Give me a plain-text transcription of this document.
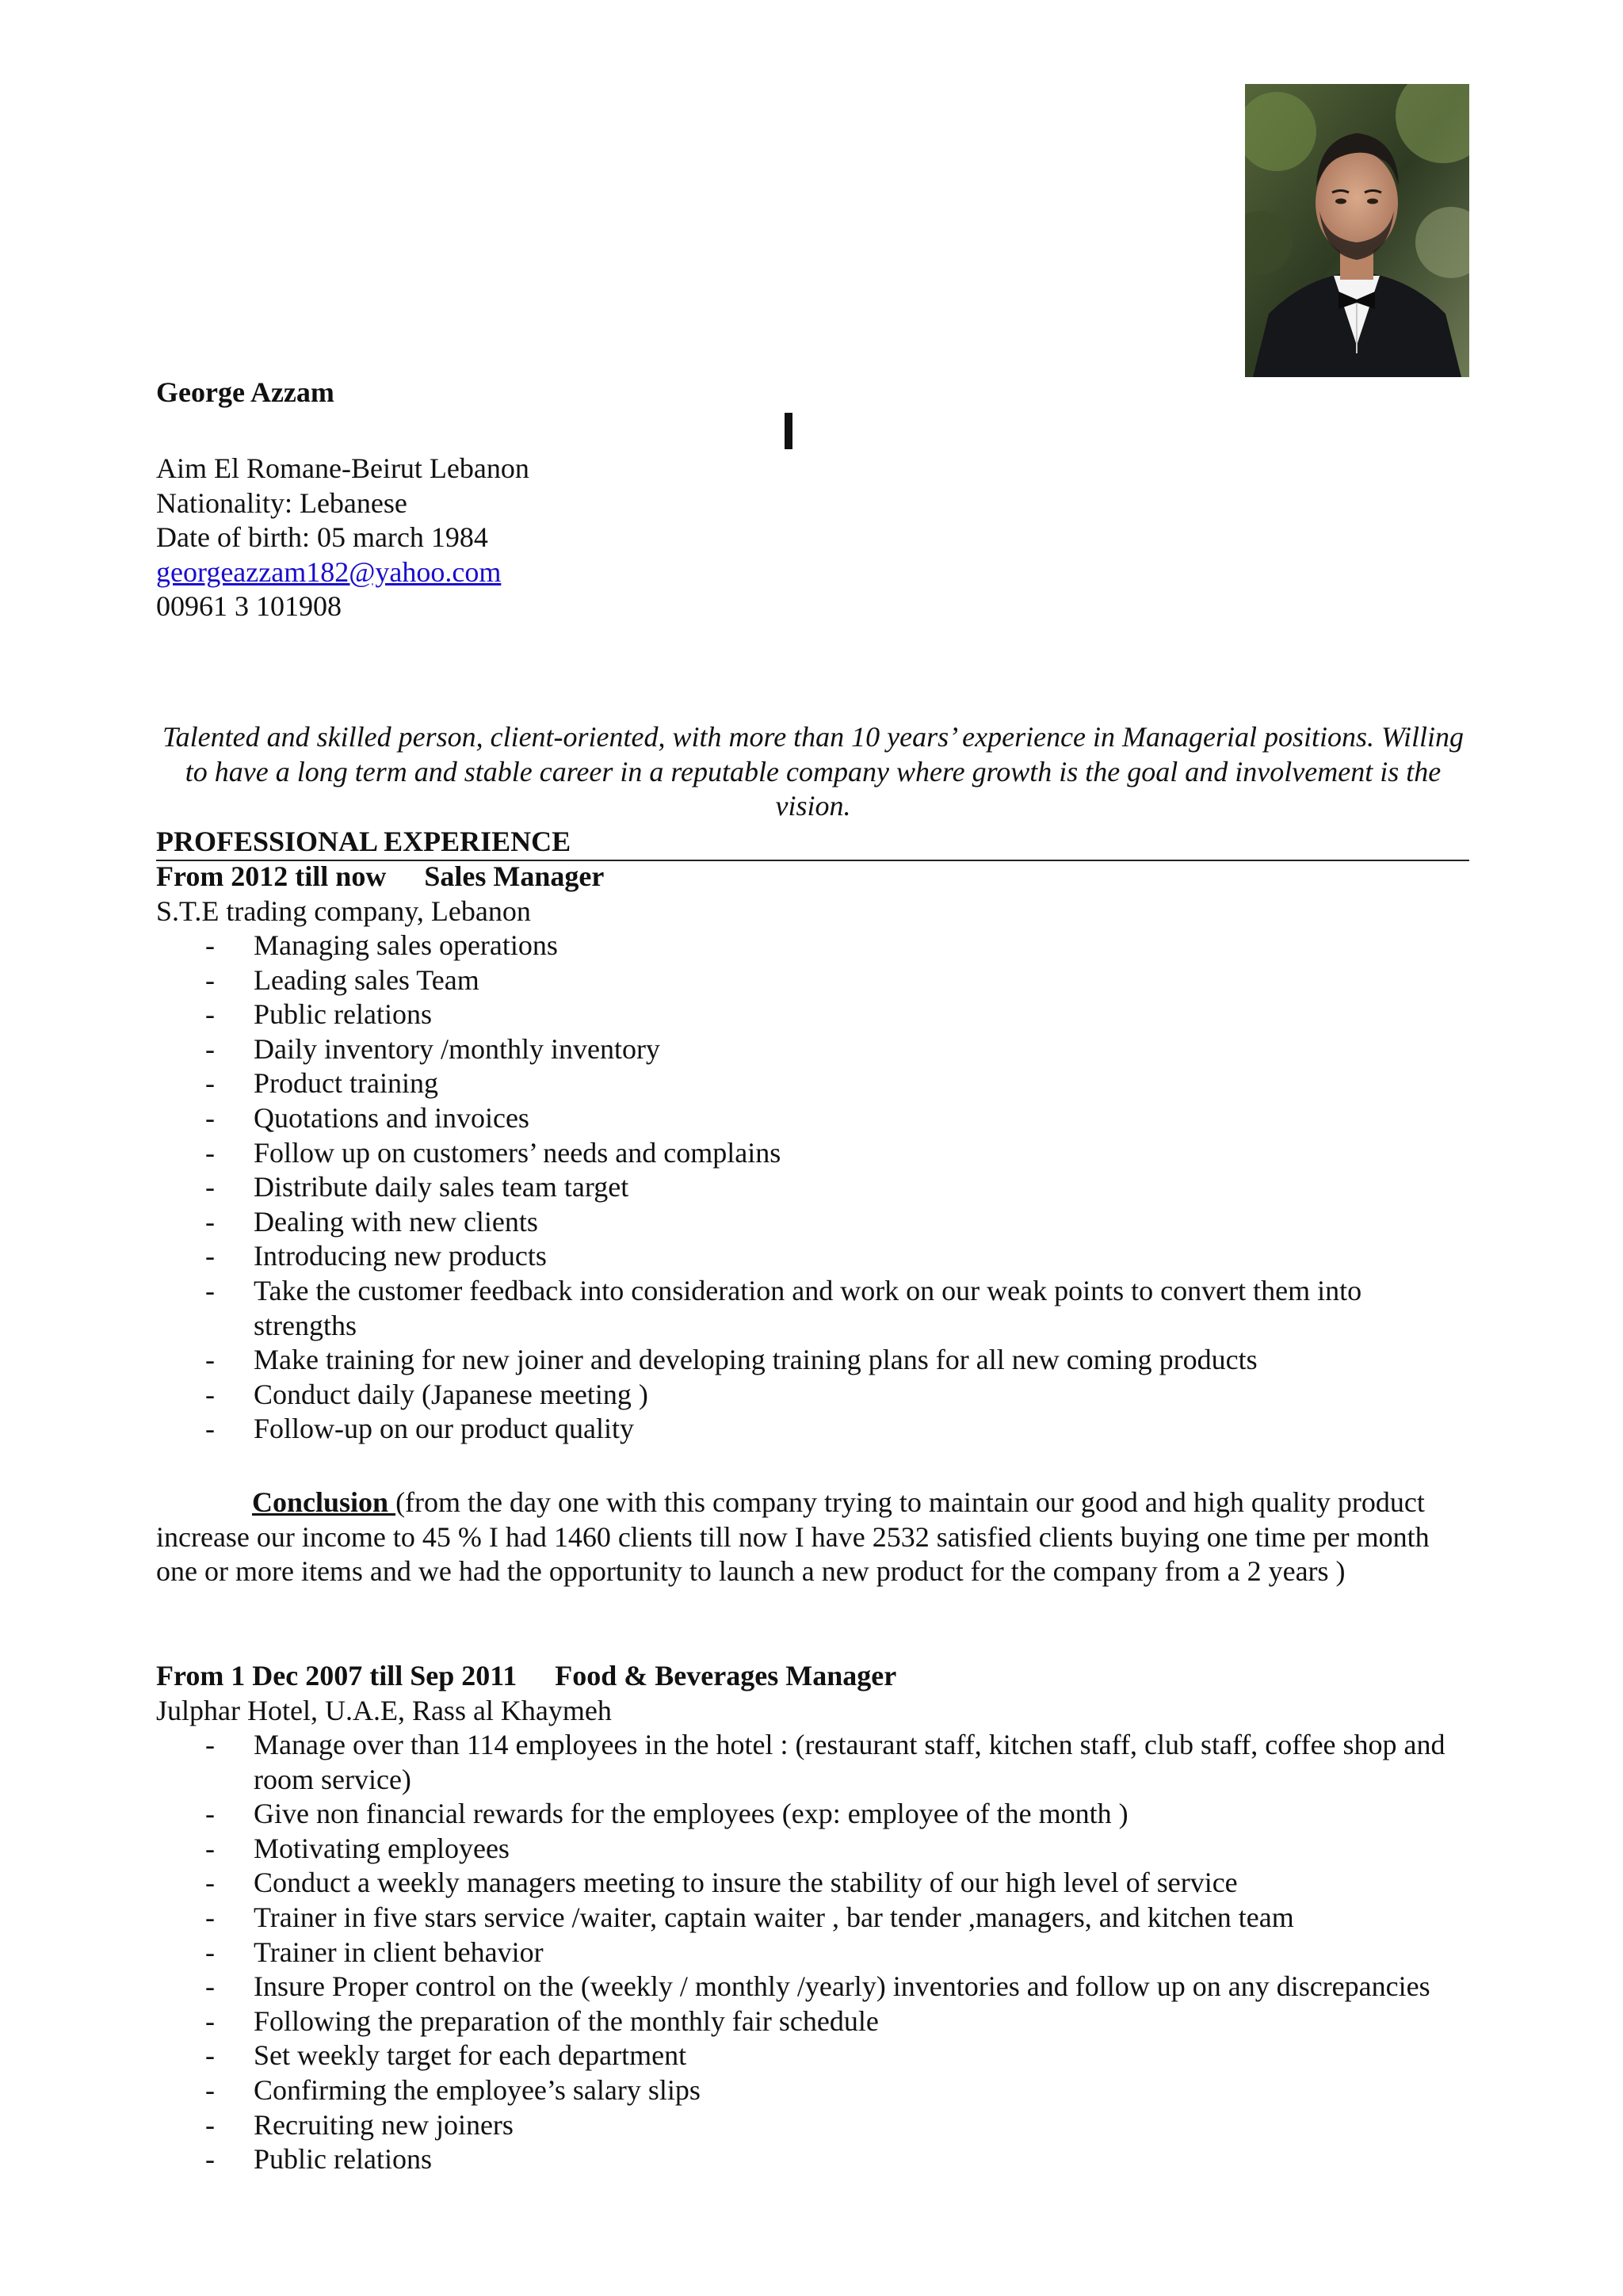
George Azzam
Aim El Romane-Beirut Lebanon
Nationality: Lebanese
Date of birth: 05 march 1984
georgeazzam182@yahoo.com
00961 3 101908
Talented and skilled person, client-oriented, with more than 10 years’ experience in Managerial positions. Willing to have a long term and stable career in a reputable company where growth is the goal and involvement is the vision.
PROFESSIONAL EXPERIENCE
From 2012 till now Sales Manager
S.T.E trading company, Lebanon
-	Managing sales operations
-	Leading sales Team
-	Public relations
-	Daily inventory /monthly inventory
-	Product training
-	Quotations and invoices
-	Follow up on customers’ needs and complains
-	Distribute daily sales team target
-	Dealing with new clients
-	Introducing new products
-	Take the customer feedback into consideration and work on our weak points to convert them into strengths
-	Make training for new joiner and developing training plans for all new coming products
-	Conduct daily (Japanese meeting )
-	Follow-up on our product quality
Conclusion (from the day one with this company trying to maintain our good and high quality product increase our income to 45 % I had 1460 clients till now I have 2532 satisfied clients buying one time per month one or more items and we had the opportunity to launch a new product for the company from a 2 years )
From 1 Dec 2007 till Sep 2011 Food & Beverages Manager
Julphar Hotel, U.A.E, Rass al Khaymeh
-	Manage over than 114 employees in the hotel : (restaurant staff, kitchen staff, club staff, coffee shop and room service)
-	Give non financial rewards for the employees (exp: employee of the month )
-	Motivating employees
-	Conduct a weekly managers meeting to insure the stability of our high level of service
-	Trainer in five stars service /waiter, captain waiter , bar tender ,managers, and kitchen team
-	Trainer in client behavior
-	Insure Proper control on the (weekly / monthly /yearly) inventories and follow up on any discrepancies
-	Following the preparation of the monthly fair schedule
-	Set weekly target for each department
-	Confirming the employee’s salary slips
-	Recruiting new joiners
-	Public relations
